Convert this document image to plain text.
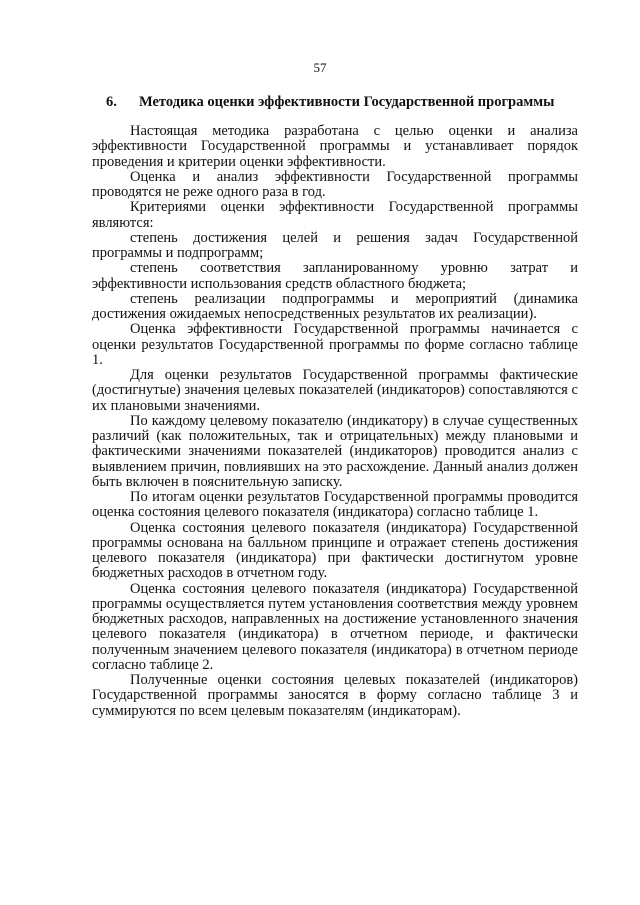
57
6. Методика оценки эффективности Государственной программы

Настоящая методика разработана с целью оценки и анализа эффективности Государственной программы и устанавливает порядок проведения и критерии оценки эффективности.

Оценка и анализ эффективности Государственной программы проводятся не реже одного раза в год.

Критериями оценки эффективности Государственной программы являются:

степень достижения целей и решения задач Государственной программы и подпрограмм;

степень соответствия запланированному уровню затрат и эффективности использования средств областного бюджета;

степень реализации подпрограммы и мероприятий (динамика достижения ожидаемых непосредственных результатов их реализации).

Оценка эффективности Государственной программы начинается с оценки результатов Государственной программы по форме согласно таблице 1.

Для оценки результатов Государственной программы фактические (достигнутые) значения целевых показателей (индикаторов) сопоставляются с их плановыми значениями.

По каждому целевому показателю (индикатору) в случае существенных различий (как положительных, так и отрицательных) между плановыми и фактическими значениями показателей (индикаторов) проводится анализ с выявлением причин, повлиявших на это расхождение. Данный анализ должен быть включен в пояснительную записку.

По итогам оценки результатов Государственной программы проводится оценка состояния целевого показателя (индикатора) согласно таблице 1.

Оценка состояния целевого показателя (индикатора) Государственной программы основана на балльном принципе и отражает степень достижения целевого показателя (индикатора) при фактически достигнутом уровне бюджетных расходов в отчетном году.

Оценка состояния целевого показателя (индикатора) Государственной программы осуществляется путем установления соответствия между уровнем бюджетных расходов, направленных на достижение установленного значения целевого показателя (индикатора) в отчетном периоде, и фактически полученным значением целевого показателя (индикатора) в отчетном периоде согласно таблице 2.

Полученные оценки состояния целевых показателей (индикаторов) Государственной программы заносятся в форму согласно таблице 3 и суммируются по всем целевым показателям (индикаторам).
